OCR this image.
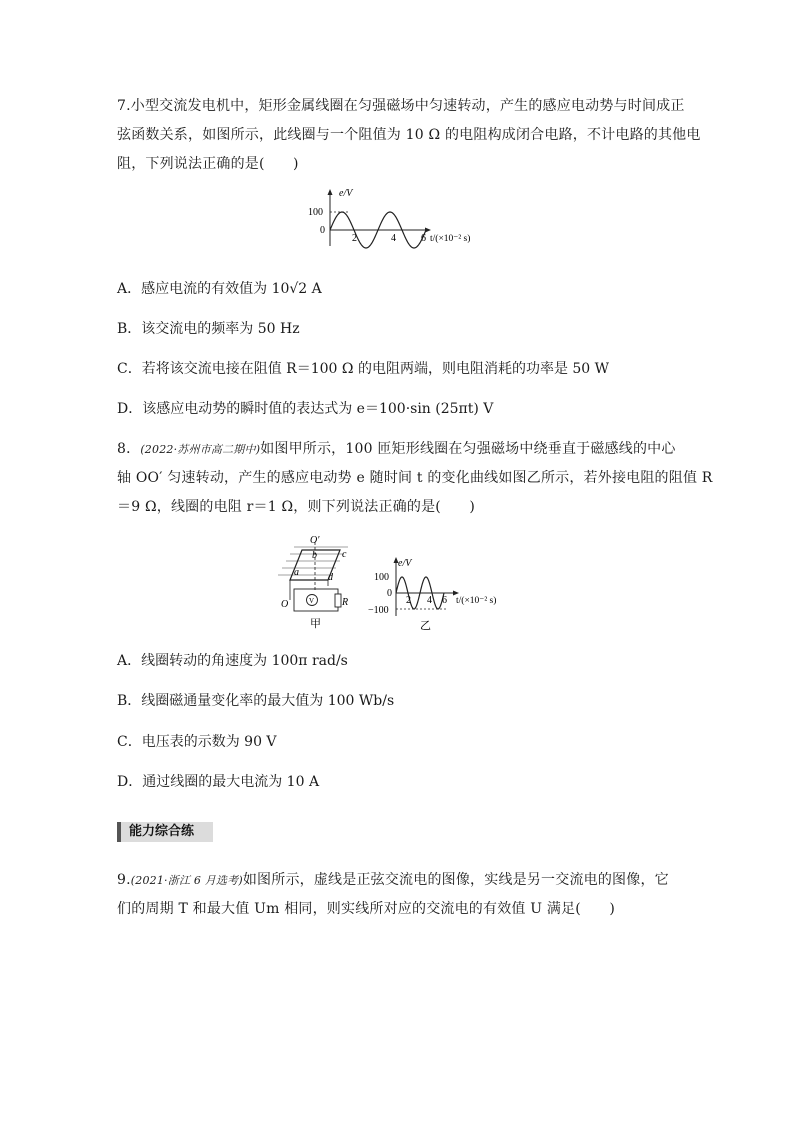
7.小型交流发电机中，矩形金属线圈在匀强磁场中匀速转动，产生的感应电动势与时间成正
弦函数关系，如图所示，此线圈与一个阻值为 10 Ω 的电阻构成闭合电路，不计电路的其他电
阻，下列说法正确的是(　　)
e/V
100
0
2	4	6 t/(×10⁻² s)
A．感应电流的有效值为 10√2 A
B．该交流电的频率为 50 Hz
C．若将该交流电接在阻值 R＝100 Ω 的电阻两端，则电阻消耗的功率是 50 W
D．该感应电动势的瞬时值的表达式为 e＝100·sin (25πt) V
8．(2022·苏州市高二期中)如图甲所示，100 匝矩形线圈在匀强磁场中绕垂直于磁感线的中心
轴 OO′ 匀速转动，产生的感应电动势 e 随时间 t 的变化曲线如图乙所示，若外接电阻的阻值 R
＝9 Ω，线圈的电阻 r＝1 Ω，则下列说法正确的是(　　)
O′
b	c
a	d
O	V	R
甲
e/V
100
0
−100
2 4 6 t/(×10⁻² s)
乙
A．线圈转动的角速度为 100π rad/s
B．线圈磁通量变化率的最大值为 100 Wb/s
C．电压表的示数为 90 V
D．通过线圈的最大电流为 10 A
能力综合练
9.(2021·浙江 6 月选考)如图所示，虚线是正弦交流电的图像，实线是另一交流电的图像，它
们的周期 T 和最大值 Um 相同，则实线所对应的交流电的有效值 U 满足(　　)
